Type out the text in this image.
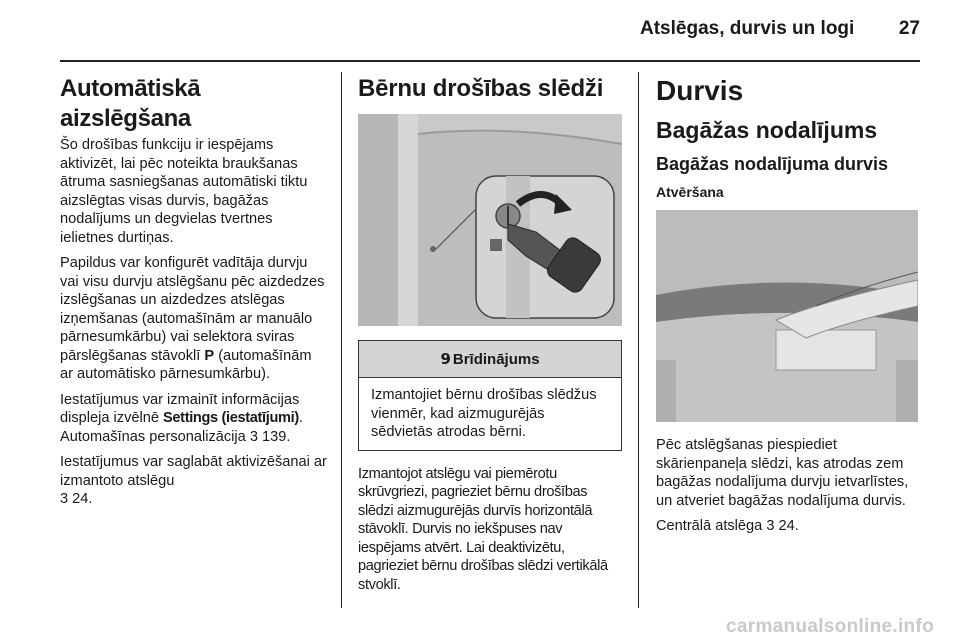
Atslēgas, durvis un logi	27
Automātiskā aizslēgšana

Šo drošības funkciju ir iespējams aktivizēt, lai pēc noteikta braukšanas ātruma sasniegšanas automātiski tiktu aizslēgtas visas durvis, bagāžas nodalījums un degvielas tvertnes ielietnes durtiņas.

Papildus var konfigurēt vadītāja durvju vai visu durvju atslēgšanu pēc aizdedzes izslēgšanas un aizdedzes atslēgas izņemšanas (automašīnām ar manuālo pārnesumkārbu) vai selektora sviras pārslēgšanas stāvoklī P (automašīnām ar automātisko pārnesumkārbu).

Iestatījumus var izmainīt informācijas displeja izvēlnē Settings (iestatījumi). Automašīnas personalizācija 3 139.

Iestatījumus var saglabāt aktivizēšanai ar izmantoto atslēgu
3 24.

Bērnu drošības slēdži
9 Brīdinājums

Izmantojiet bērnu drošības slēdžus vienmēr, kad aizmugurējās sēdvietās atrodas bērni.

Izmantojot atslēgu vai piemērotu skrūvgriezi, pagrieziet bērnu drošības slēdzi aizmugurējās durvīs horizontālā stāvoklī. Durvis no iekšpuses nav iespējams atvērt. Lai deaktivizētu, pagrieziet bērnu drošības slēdzi vertikālā stvoklī.

Durvis
Bagāžas nodalījums
Bagāžas nodalījuma durvis
Atvēršana

Pēc atslēgšanas piespiediet skārienpaneļa slēdzi, kas atrodas zem bagāžas nodalījuma durvju ietvarlīstes, un atveriet bagāžas nodalījuma durvis.

Centrālā atslēga 3 24.

carmanualsonline.info
